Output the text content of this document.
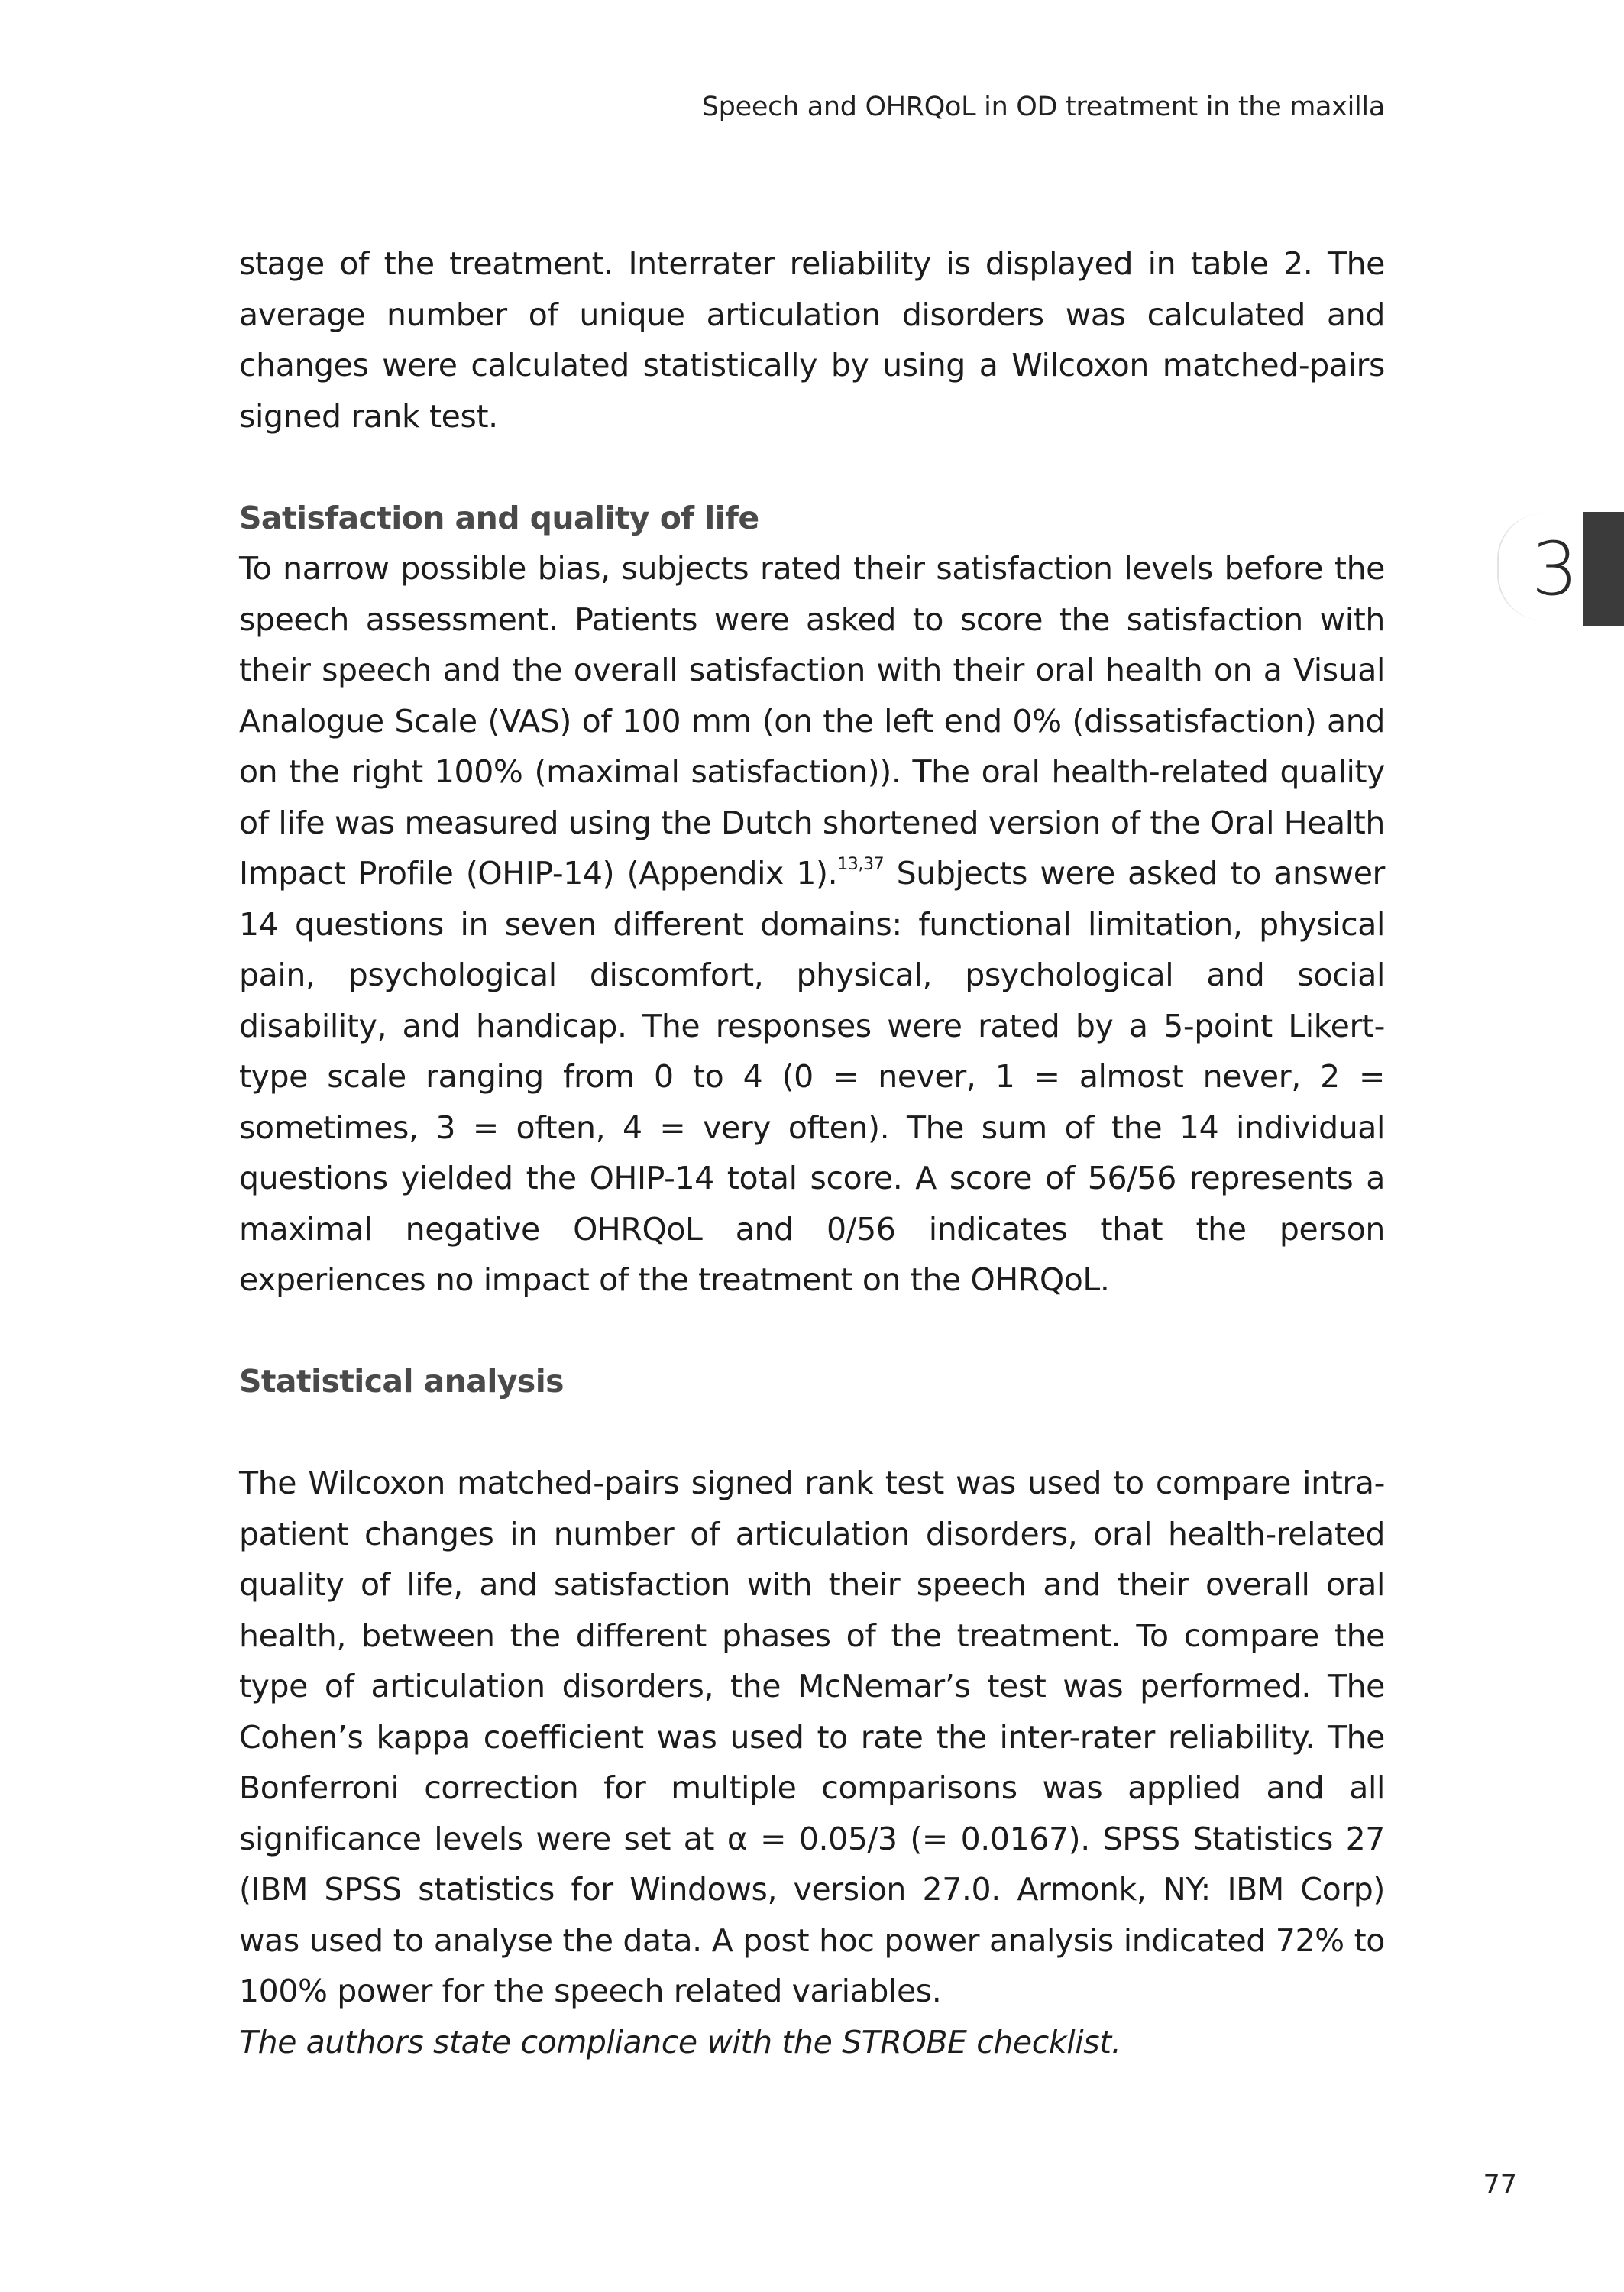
Speech and OHRQoL in OD treatment in the maxilla
3

stage of the treatment. Interrater reliability is displayed in table 2. The average number of unique articulation disorders was calculated and changes were calculated statistically by using a Wilcoxon matched-pairs signed rank test.

Satisfaction and quality of life

To narrow possible bias, subjects rated their satisfaction levels before the speech assessment. Patients were asked to score the satisfaction with their speech and the overall satisfaction with their oral health on a Visual Analogue Scale (VAS) of 100 mm (on the left end 0% (dissatisfaction) and on the right 100% (maximal satisfaction)). The oral health-related quality of life was measured using the Dutch shortened version of the Oral Health Impact Profile (OHIP-14) (Appendix 1).$^{13,37}$ Subjects were asked to answer 14 questions in seven different domains: functional limitation, physical pain, psychological discomfort, physical, psychological and social disability, and handicap. The responses were rated by a 5-point Likert-type scale ranging from 0 to 4 (0 = never, 1 = almost never, 2 = sometimes, 3 = often, 4 = very often). The sum of the 14 individual questions yielded the OHIP-14 total score. A score of 56/56 represents a maximal negative OHRQoL and 0/56 indicates that the person experiences no impact of the treatment on the OHRQoL.

Statistical analysis

The Wilcoxon matched-pairs signed rank test was used to compare intra-patient changes in number of articulation disorders, oral health-related quality of life, and satisfaction with their speech and their overall oral health, between the different phases of the treatment. To compare the type of articulation disorders, the McNemar’s test was performed. The Cohen’s kappa coefficient was used to rate the inter-rater reliability. The Bonferroni correction for multiple comparisons was applied and all significance levels were set at α = 0.05/3 (= 0.0167). SPSS Statistics 27 (IBM SPSS statistics for Windows, version 27.0. Armonk, NY: IBM Corp) was used to analyse the data. A post hoc power analysis indicated 72% to 100% power for the speech related variables.

The authors state compliance with the STROBE checklist.

77
